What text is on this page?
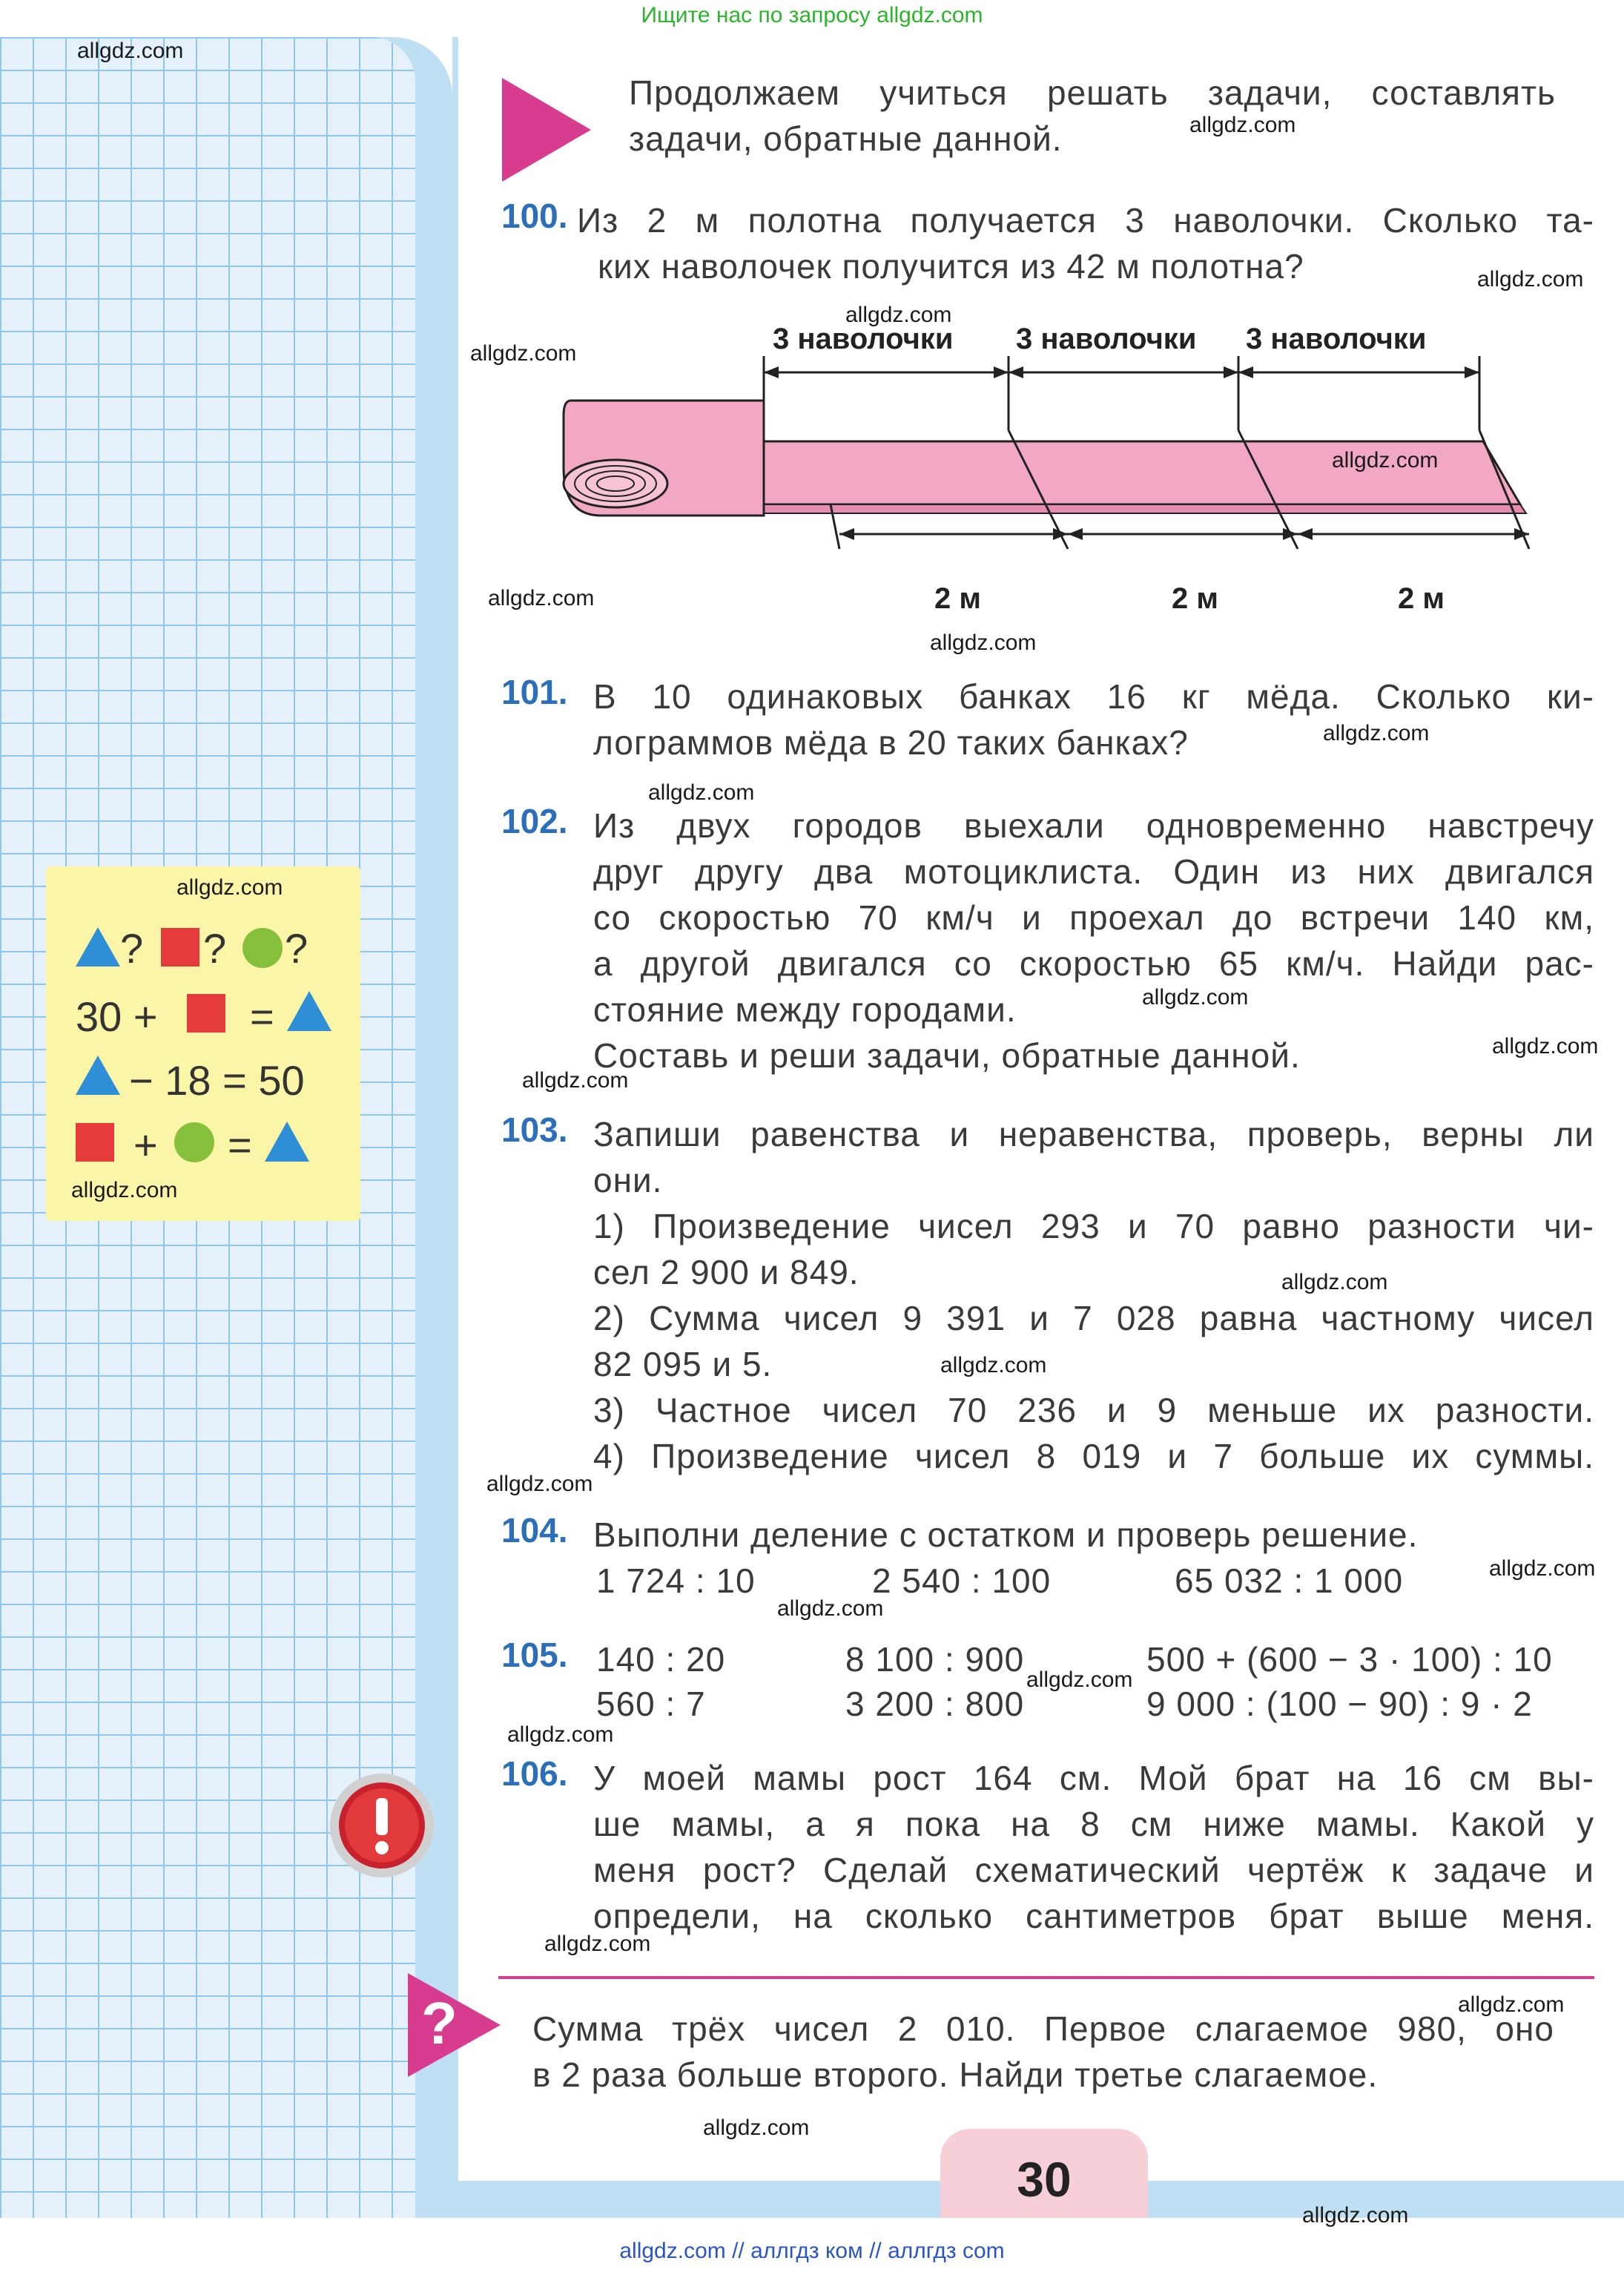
Ищите нас по запросу allgdz.com
Продолжаем учиться решать задачи, составлять
задачи, обратные данной.
100. Из 2 м полотна получается 3 наволочки. Сколько та-
ких наволочек получится из 42 м полотна?
3 наволочки 3 наволочки 3 наволочки
2 м	2 м	2 м
101. В 10 одинаковых банках 16 кг мёда. Сколько ки-
лограммов мёда в 20 таких банках?
102. Из двух городов выехали одновременно навстречу
друг другу два мотоциклиста. Один из них двигался
со скоростью 70 км/ч и проехал до встречи 140 км,
а другой двигался со скоростью 65 км/ч. Найди рас-
стояние между городами.
Составь и реши задачи, обратные данной.
? ? ?
30 + =
− 18 = 50
+ =	103. Запиши равенства и неравенства, проверь, верны ли
они.
1) Произведение чисел 293 и 70 равно разности чи-
сел 2 900 и 849.
2) Сумма чисел 9 391 и 7 028 равна частному чисел
82 095 и 5.
3) Частное чисел 70 236 и 9 меньше их разности.
4) Произведение чисел 8 019 и 7 больше их суммы.
104. Выполни деление с остатком и проверь решение.
1 724 : 10	2 540 : 100	65 032 : 1 000
105. 140 : 20	8 100 : 900	500 + (600 − 3 · 100) : 10
560 : 7	3 200 : 800	9 000 : (100 − 90) : 9 · 2
106. У моей мамы рост 164 см. Мой брат на 16 см вы-
ше мамы, а я пока на 8 см ниже мамы. Какой у
меня рост? Сделай схематический чертёж к задаче и
определи, на сколько сантиметров брат выше меня.
? Сумма трёх чисел 2 010. Первое слагаемое 980, оно
в 2 раза больше второго. Найди третье слагаемое.
30
allgdz.com // аллгдз ком // аллгдз com
allgdz.com
allgdz.com
allgdz.com
allgdz.com
allgdz.com
allgdz.com
allgdz.com
allgdz.com
allgdz.com
allgdz.com
allgdz.com
allgdz.com
allgdz.com
allgdz.com
allgdz.com
allgdz.com
allgdz.com
allgdz.com
allgdz.com
allgdz.com
allgdz.com
allgdz.com
allgdz.com
allgdz.com
allgdz.com
allgdz.com
